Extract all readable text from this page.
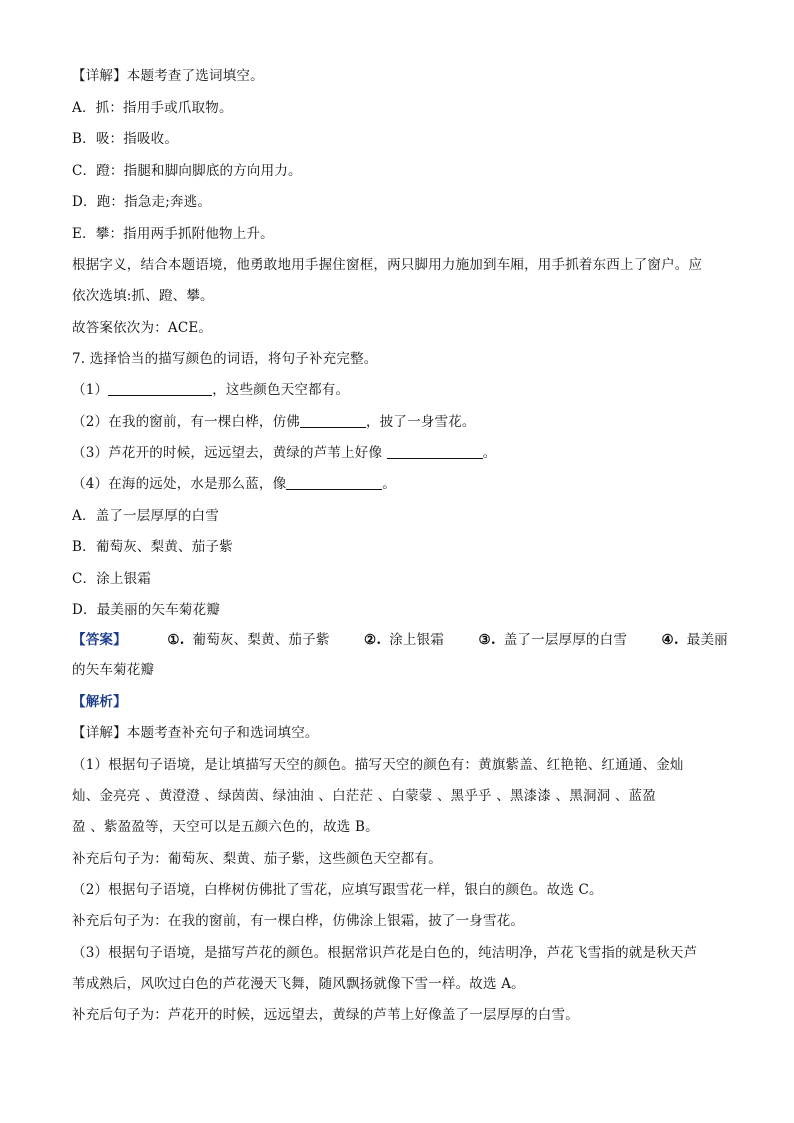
【详解】本题考查了选词填空。
A．抓：指用手或爪取物。
B．吸：指吸收。
C．蹬：指腿和脚向脚底的方向用力。
D．跑：指急走;奔逃。
E．攀：指用两手抓附他物上升。
根据字义，结合本题语境，他勇敢地用手握住窗框，两只脚用力施加到车厢，用手抓着东西上了窗户。应
依次选填:抓、蹬、攀。
故答案依次为：ACE。
7. 选择恰当的描写颜色的词语，将句子补充完整。
（1）	，这些颜色天空都有。
（2）在我的窗前，有一棵白桦，仿佛	，披了一身雪花。
（3）芦花开的时候，远远望去，黄绿的芦苇上好像	。
（4）在海的远处，水是那么蓝，像	。
A．盖了一层厚厚的白雪
B．葡萄灰、梨黄、茄子紫
C．涂上银霜
D．最美丽的矢车菊花瓣
【答案】	①. 葡萄灰、梨黄、茄子紫	②. 涂上银霜	③. 盖了一层厚厚的白雪	④. 最美丽
的矢车菊花瓣
【解析】
【详解】本题考查补充句子和选词填空。
（1）根据句子语境，是让填描写天空的颜色。描写天空的颜色有：黄旗紫盖、红艳艳、红通通、金灿
灿、金亮亮 、黄澄澄 、绿茵茵、绿油油 、白茫茫 、白蒙蒙 、黑乎乎 、黑漆漆 、黑洞洞 、蓝盈
盈 、紫盈盈等，天空可以是五颜六色的，故选 B。
补充后句子为：葡萄灰、梨黄、茄子紫，这些颜色天空都有。
（2）根据句子语境，白桦树仿佛批了雪花，应填写跟雪花一样，银白的颜色。故选 C。
补充后句子为：在我的窗前，有一棵白桦，仿佛涂上银霜，披了一身雪花。
（3）根据句子语境，是描写芦花的颜色。根据常识芦花是白色的，纯洁明净，芦花飞雪指的就是秋天芦
苇成熟后，风吹过白色的芦花漫天飞舞，随风飘扬就像下雪一样。故选 A。
补充后句子为：芦花开的时候，远远望去，黄绿的芦苇上好像盖了一层厚厚的白雪。
